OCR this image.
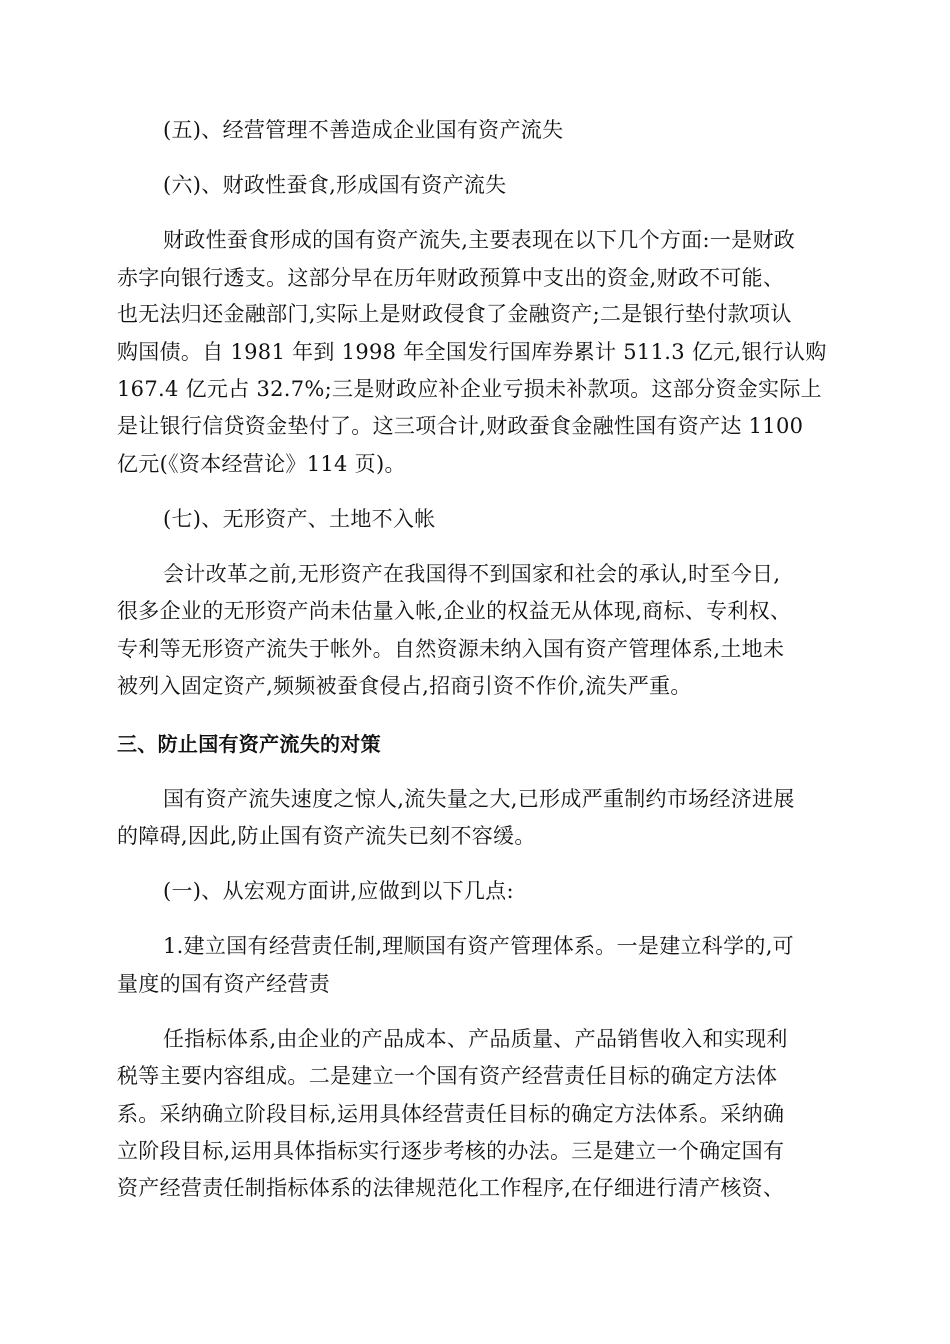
(五)、经营管理不善造成企业国有资产流失
(六)、财政性蚕食,形成国有资产流失
财政性蚕食形成的国有资产流失,主要表现在以下几个方面:一是财政
赤字向银行透支。这部分早在历年财政预算中支出的资金,财政不可能、
也无法归还金融部门,实际上是财政侵食了金融资产;二是银行垫付款项认
购国债。自 1981 年到 1998 年全国发行国库券累计 511.3 亿元,银行认购
167.4 亿元占 32.7%;三是财政应补企业亏损未补款项。这部分资金实际上
是让银行信贷资金垫付了。这三项合计,财政蚕食金融性国有资产达 1100
亿元(《资本经营论》114 页)。
(七)、无形资产、土地不入帐
会计改革之前,无形资产在我国得不到国家和社会的承认,时至今日,
很多企业的无形资产尚未估量入帐,企业的权益无从体现,商标、专利权、
专利等无形资产流失于帐外。自然资源未纳入国有资产管理体系,土地未
被列入固定资产,频频被蚕食侵占,招商引资不作价,流失严重。
三、防止国有资产流失的对策
国有资产流失速度之惊人,流失量之大,已形成严重制约市场经济进展
的障碍,因此,防止国有资产流失已刻不容缓。
(一)、从宏观方面讲,应做到以下几点:
1.建立国有经营责任制,理顺国有资产管理体系。一是建立科学的,可
量度的国有资产经营责
任指标体系,由企业的产品成本、产品质量、产品销售收入和实现利
税等主要内容组成。二是建立一个国有资产经营责任目标的确定方法体
系。采纳确立阶段目标,运用具体经营责任目标的确定方法体系。采纳确
立阶段目标,运用具体指标实行逐步考核的办法。三是建立一个确定国有
资产经营责任制指标体系的法律规范化工作程序,在仔细进行清产核资、
